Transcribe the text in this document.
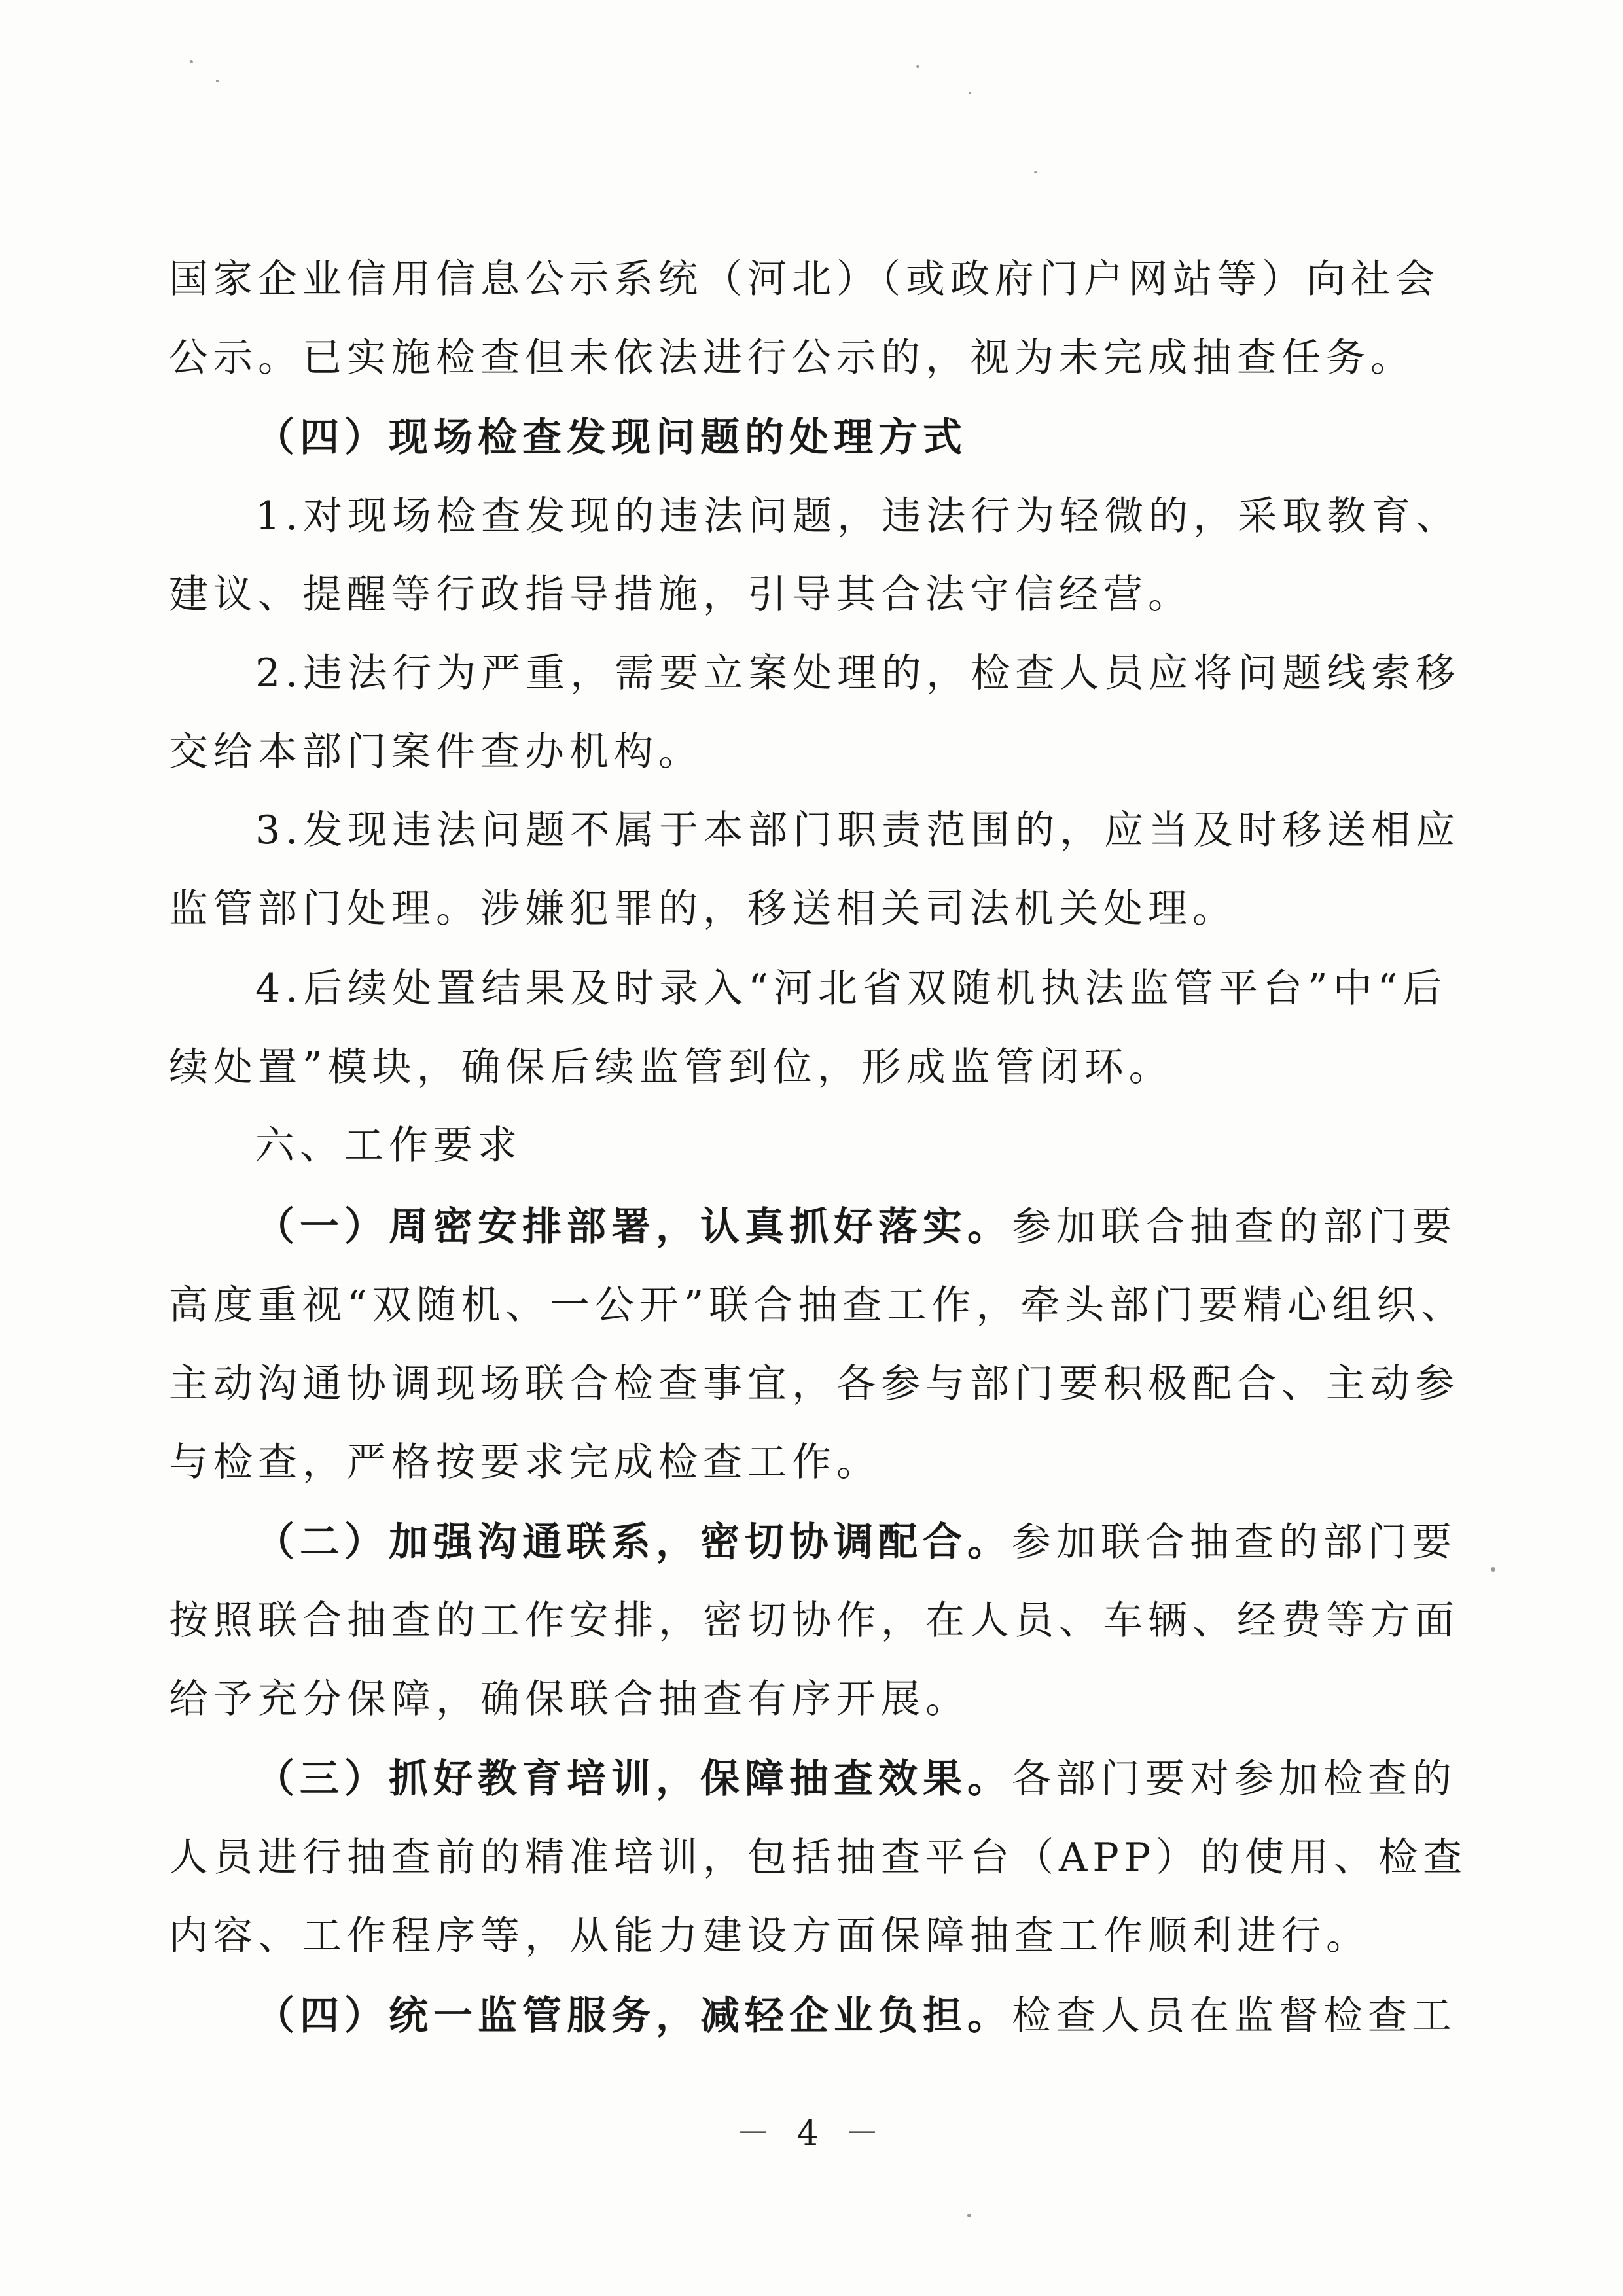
国家企业信用信息公示系统（河北）（或政府门户网站等）向社会
公示。已实施检查但未依法进行公示的，视为未完成抽查任务。
（四）现场检查发现问题的处理方式
1.对现场检查发现的违法问题，违法行为轻微的，采取教育、
建议、提醒等行政指导措施，引导其合法守信经营。
2.违法行为严重，需要立案处理的，检查人员应将问题线索移
交给本部门案件查办机构。
3.发现违法问题不属于本部门职责范围的，应当及时移送相应
监管部门处理。涉嫌犯罪的，移送相关司法机关处理。
4.后续处置结果及时录入“河北省双随机执法监管平台”中“后
续处置”模块，确保后续监管到位，形成监管闭环。
六、工作要求
（一）周密安排部署，认真抓好落实。参加联合抽查的部门要
高度重视“双随机、一公开”联合抽查工作，牵头部门要精心组织、
主动沟通协调现场联合检查事宜，各参与部门要积极配合、主动参
与检查，严格按要求完成检查工作。
（二）加强沟通联系，密切协调配合。参加联合抽查的部门要
按照联合抽查的工作安排，密切协作，在人员、车辆、经费等方面
给予充分保障，确保联合抽查有序开展。
（三）抓好教育培训，保障抽查效果。各部门要对参加检查的
人员进行抽查前的精准培训，包括抽查平台（APP）的使用、检查
内容、工作程序等，从能力建设方面保障抽查工作顺利进行。
（四）统一监管服务，减轻企业负担。检查人员在监督检查工
－ 4 －
